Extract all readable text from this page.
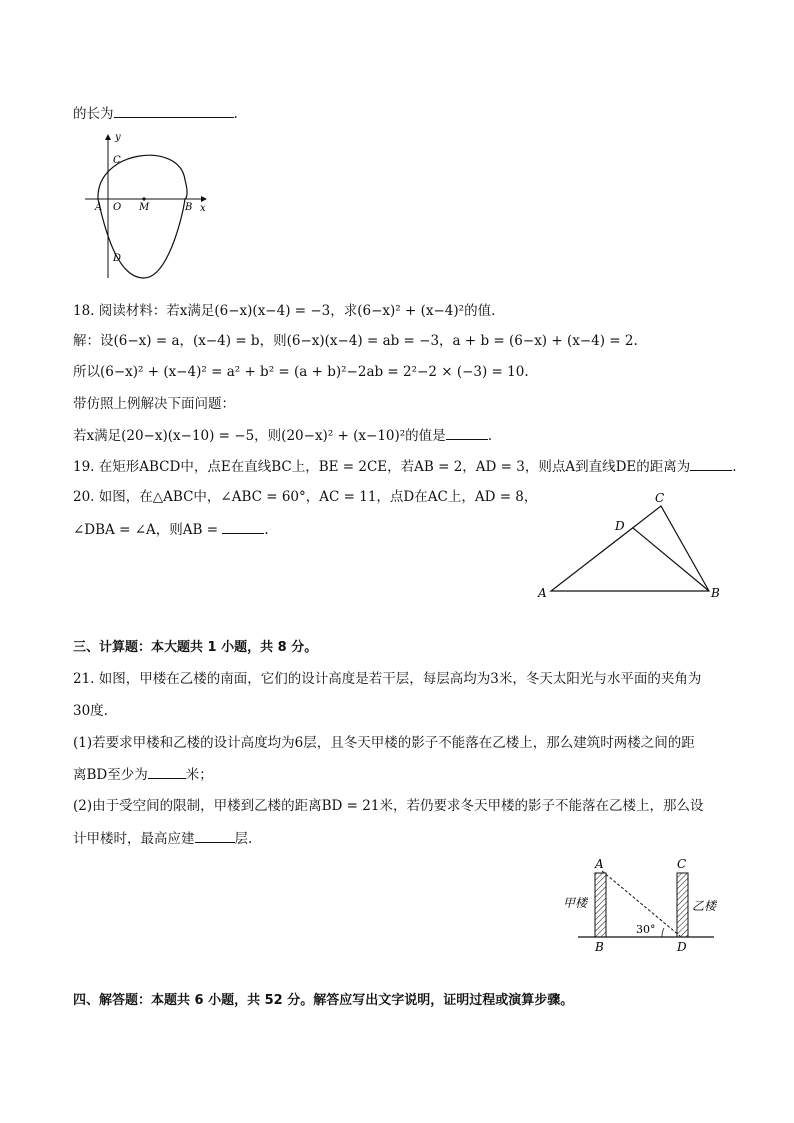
的长为	.
y
x
C
A O M	B
D
18. 阅读材料：若x满足(6−x)(x−4) = −3，求(6−x)² + (x−4)²的值.
解：设(6−x) = a，(x−4) = b，则(6−x)(x−4) = ab = −3，a + b = (6−x) + (x−4) = 2.
所以(6−x)² + (x−4)² = a² + b² = (a + b)²−2ab = 2²−2 × (−3) = 10.
带仿照上例解决下面问题：
若x满足(20−x)(x−10) = −5，则(20−x)² + (x−10)²的值是	.
19. 在矩形ABCD中，点E在直线BC上，BE = 2CE，若AB = 2，AD = 3，则点A到直线DE的距离为	.
20. 如图，在△ABC中，∠ABC = 60°，AC = 11，点D在AC上，AD = 8，
∠DBA = ∠A，则AB =	.
A	B
C
D
三、计算题：本大题共 1 小题，共 8 分。
21. 如图，甲楼在乙楼的南面，它们的设计高度是若干层，每层高均为3米，冬天太阳光与水平面的夹角为
30度.
(1)若要求甲楼和乙楼的设计高度均为6层，且冬天甲楼的影子不能落在乙楼上，那么建筑时两楼之间的距
离BD至少为	米；
(2)由于受空间的限制，甲楼到乙楼的距离BD = 21米，若仍要求冬天甲楼的影子不能落在乙楼上，那么设
计甲楼时，最高应建	层.
A
B
C
D
甲楼	乙楼
30°
四、解答题：本题共 6 小题，共 52 分。解答应写出文字说明，证明过程或演算步骤。
